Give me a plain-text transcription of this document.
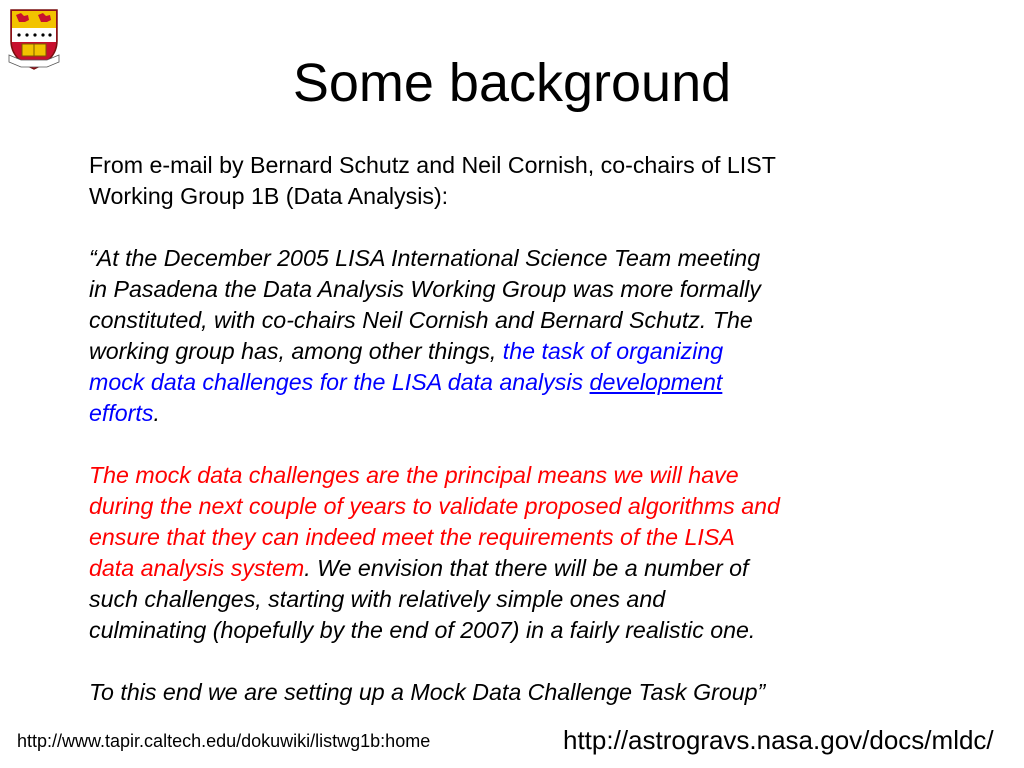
Some background
From e-mail by Bernard Schutz and Neil Cornish, co-chairs of LIST
Working Group 1B (Data Analysis):
“At the December 2005 LISA International Science Team meeting
in Pasadena the Data Analysis Working Group was more formally
constituted, with co-chairs Neil Cornish and Bernard Schutz. The
working group has, among other things, the task of organizing
mock data challenges for the LISA data analysis development
efforts.
The mock data challenges are the principal means we will have
during the next couple of years to validate proposed algorithms and
ensure that they can indeed meet the requirements of the LISA
data analysis system. We envision that there will be a number of
such challenges, starting with relatively simple ones and
culminating (hopefully by the end of 2007) in a fairly realistic one.
To this end we are setting up a Mock Data Challenge Task Group”
http://www.tapir.caltech.edu/dokuwiki/listwg1b:home	http://astrogravs.nasa.gov/docs/mldc/
